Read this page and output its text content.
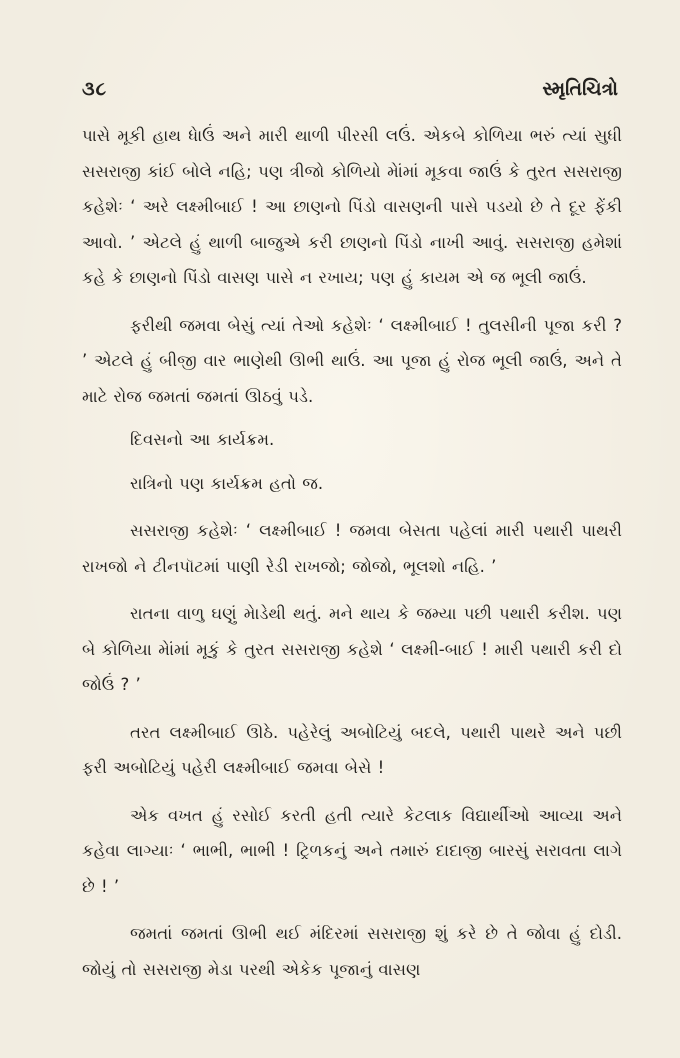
૩૮	સ્મૃતિચિત્રો

પાસે મૂકી હાથ ધેાઉં અને મારી થાળી પીરસી લઉં. એકબે કોળિયા ભરું ત્યાં સુધી સસરાજી કાંઈ બોલે નહિ; પણ ત્રીજો કોળિયો મેાંમાં મૂકવા જાઉં કે તુરત સસરાજી કહેશેઃ ‘ અરે લક્ષ્મીબાઈ ! આ છાણનો પિંડો વાસણની પાસે પડયો છે તે દૂર ફેંકી આવો. ’ એટલે હું થાળી બાજુએ કરી છાણનો પિંડો નાખી આવું. સસરાજી હમેશાં કહે કે છાણનો પિંડો વાસણ પાસે ન રખાય; પણ હું કાયમ એ જ ભૂલી જાઉં.

ફરીથી જમવા બેસું ત્યાં તેઓ કહેશેઃ ‘ લક્ષ્મીબાઈ ! તુલસીની પૂજા કરી ? ’ એટલે હું બીજી વાર ભાણેથી ઊભી થાઉં. આ પૂજા હું રોજ ભૂલી જાઉં, અને તે માટે રોજ જમતાં જમતાં ઊઠવું પડે.

દિવસનો આ કાર્યક્રમ.

રાત્રિનો પણ કાર્યક્રમ હતો જ.

સસરાજી કહેશેઃ ‘ લક્ષ્મીબાઈ ! જમવા બેસતા પહેલાં મારી પથારી પાથરી રાખજો ને ટીનપૉટમાં પાણી રેડી રાખજો; જોજો, ભૂલશો નહિ. ’

રાતના વાળુ ઘણું મેાડેથી થતું. મને થાય કે જમ્યા પછી પથારી કરીશ. પણ બે કોળિયા મેાંમાં મૂકું કે તુરત સસરાજી કહેશે ‘ લક્ષ્મી-બાઈ ! મારી પથારી કરી દો જોઉં ? ’

તરત લક્ષ્મીબાઈ ઊઠે. પહેરેલું અબોટિયું બદલે, પથારી પાથરે અને પછી ફરી અબોટિયું પહેરી લક્ષ્મીબાઈ જમવા બેસે !

એક વખત હું રસોઈ કરતી હતી ત્યારે કેટલાક વિદ્યાર્થીઓ આવ્યા અને કહેવા લાગ્યાઃ ‘ ભાભી, ભાભી ! ટ્રિળકનું અને તમારું દાદાજી બારસું સરાવતા લાગે છે ! ’

જમતાં જમતાં ઊભી થઈ મંદિરમાં સસરાજી શું કરે છે તે જોવા હું દોડી. જોયું તો સસરાજી મેડા પરથી એકેક પૂજાનું વાસણ
